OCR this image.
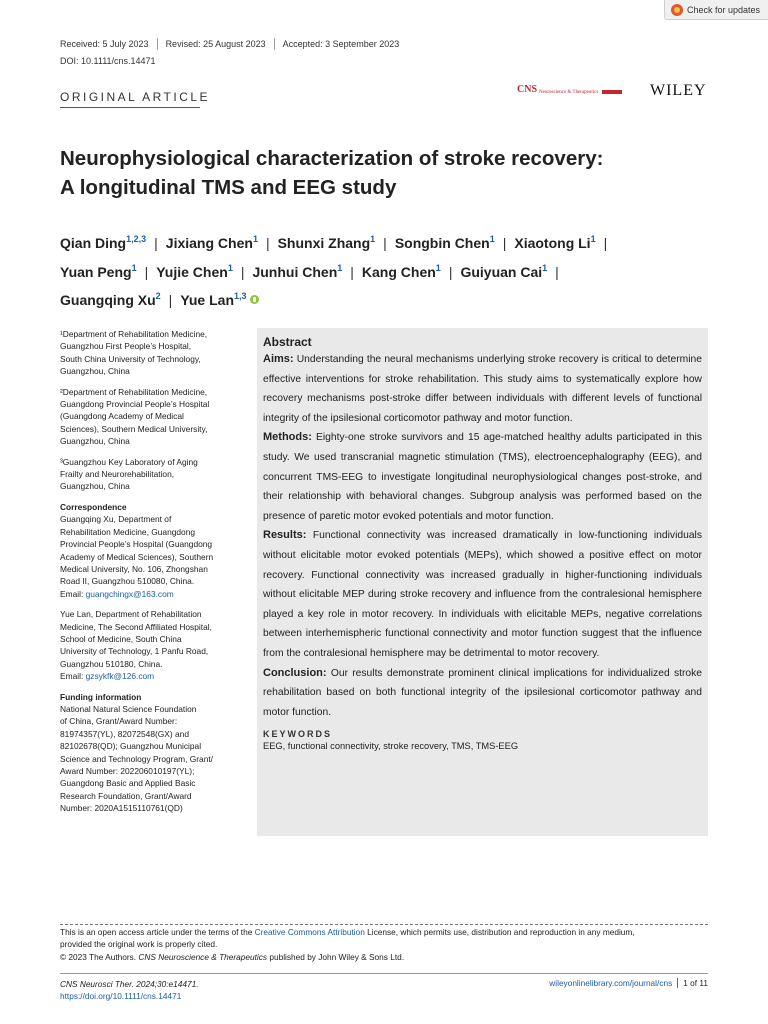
Check for updates
Received: 5 July 2023 Revised: 25 August 2023 Accepted: 3 September 2023
DOI: 10.1111/cns.14471
ORIGINAL ARTICLE
CNS Neuroscience & Therapeutics	WILEY
Neurophysiological characterization of stroke recovery:
A longitudinal TMS and EEG study
Qian Ding$^{1,2,3}$ | Jixiang Chen$^1$ | Shunxi Zhang$^1$ | Songbin Chen$^1$ | Xiaotong Li$^1$ |
Yuan Peng$^1$ | Yujie Chen$^1$ | Junhui Chen$^1$ | Kang Chen$^1$ | Guiyuan Cai$^1$ |
Guangqing Xu$^2$ | Yue Lan$^{1,3}$
¹Department of Rehabilitation Medicine,
Guangzhou First People’s Hospital,
South China University of Technology,
Guangzhou, China
²Department of Rehabilitation Medicine,
Guangdong Provincial People’s Hospital
(Guangdong Academy of Medical
Sciences), Southern Medical University,
Guangzhou, China
³Guangzhou Key Laboratory of Aging
Frailty and Neurorehabilitation,
Guangzhou, China
Correspondence
Guangqing Xu, Department of
Rehabilitation Medicine, Guangdong
Provincial People’s Hospital (Guangdong
Academy of Medical Sciences), Southern
Medical University, No. 106, Zhongshan
Road II, Guangzhou 510080, China.
Email: guangchingx@163.com
Yue Lan, Department of Rehabilitation
Medicine, The Second Affiliated Hospital,
School of Medicine, South China
University of Technology, 1 Panfu Road,
Guangzhou 510180, China.
Email: gzsykfk@126.com
Funding information
National Natural Science Foundation
of China, Grant/Award Number:
81974357(YL), 82072548(GX) and
82102678(QD); Guangzhou Municipal
Science and Technology Program, Grant/
Award Number: 202206010197(YL);
Guangdong Basic and Applied Basic
Research Foundation, Grant/Award
Number: 2020A1515110761(QD)
Abstract
Aims: Understanding the neural mechanisms underlying stroke recovery is critical to determine effective interventions for stroke rehabilitation. This study aims to systematically explore how recovery mechanisms post-stroke differ between individuals with different levels of functional integrity of the ipsilesional corticomotor pathway and motor function.
Methods: Eighty-one stroke survivors and 15 age-matched healthy adults participated in this study. We used transcranial magnetic stimulation (TMS), electroencephalography (EEG), and concurrent TMS-EEG to investigate longitudinal neurophysiological changes post-stroke, and their relationship with behavioral changes. Subgroup analysis was performed based on the presence of paretic motor evoked potentials and motor function.
Results: Functional connectivity was increased dramatically in low-functioning individuals without elicitable motor evoked potentials (MEPs), which showed a positive effect on motor recovery. Functional connectivity was increased gradually in higher-functioning individuals without elicitable MEP during stroke recovery and influence from the contralesional hemisphere played a key role in motor recovery. In individuals with elicitable MEPs, negative correlations between interhemispheric functional connectivity and motor function suggest that the influence from the contralesional hemisphere may be detrimental to motor recovery.
Conclusion: Our results demonstrate prominent clinical implications for individualized stroke rehabilitation based on both functional integrity of the ipsilesional corticomotor pathway and motor function.
KEYWORDS
EEG, functional connectivity, stroke recovery, TMS, TMS-EEG
This is an open access article under the terms of the Creative Commons Attribution License, which permits use, distribution and reproduction in any medium,
provided the original work is properly cited.
© 2023 The Authors. CNS Neuroscience & Therapeutics published by John Wiley & Sons Ltd.
CNS Neurosci Ther. 2024;30:e14471.
https://doi.org/10.1111/cns.14471
wileyonlinelibrary.com/journal/cns 1 of 11
